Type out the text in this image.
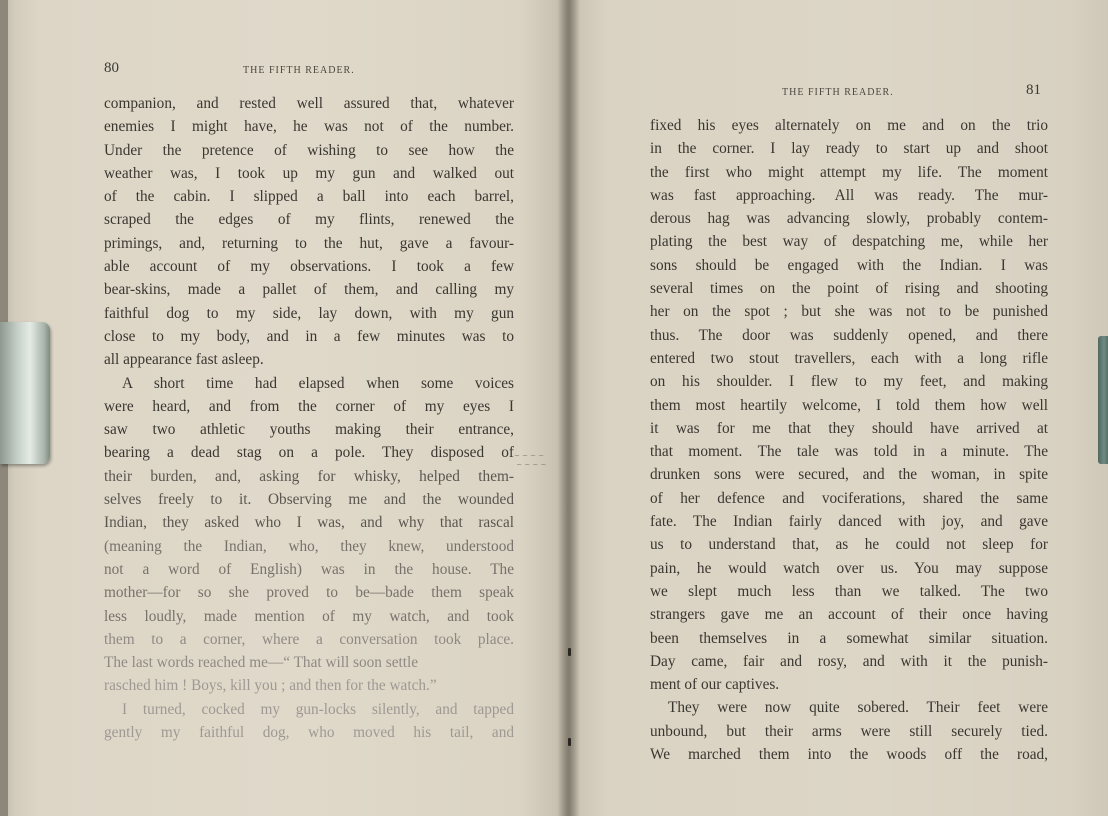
80	THE FIFTH READER.
companion, and rested well assured that, whatever
enemies I might have, he was not of the number.
Under the pretence of wishing to see how the
weather was, I took up my gun and walked out
of the cabin. I slipped a ball into each barrel,
scraped the edges of my flints, renewed the
primings, and, returning to the hut, gave a favour-
able account of my observations. I took a few
bear-skins, made a pallet of them, and calling my
faithful dog to my side, lay down, with my gun
close to my body, and in a few minutes was to
all appearance fast asleep.
A short time had elapsed when some voices
were heard, and from the corner of my eyes I
saw two athletic youths making their entrance,
bearing a dead stag on a pole. They disposed of
their burden, and, asking for whisky, helped them-
selves freely to it. Observing me and the wounded
Indian, they asked who I was, and why that rascal
(meaning the Indian, who, they knew, understood
not a word of English) was in the house. The
mother—for so she proved to be—bade them speak
less loudly, made mention of my watch, and took
them to a corner, where a conversation took place.
The last words reached me—“ That will soon settle
rasched him ! Boys, kill you ; and then for the watch.”
I turned, cocked my gun-locks silently, and tapped
gently my faithful dog, who moved his tail, and
~ ~ ~ ~
~ ~ ~ ~
THE FIFTH READER.	81
fixed his eyes alternately on me and on the trio
in the corner. I lay ready to start up and shoot
the first who might attempt my life. The moment
was fast approaching. All was ready. The mur-
derous hag was advancing slowly, probably contem-
plating the best way of despatching me, while her
sons should be engaged with the Indian. I was
several times on the point of rising and shooting
her on the spot ; but she was not to be punished
thus. The door was suddenly opened, and there
entered two stout travellers, each with a long rifle
on his shoulder. I flew to my feet, and making
them most heartily welcome, I told them how well
it was for me that they should have arrived at
that moment. The tale was told in a minute. The
drunken sons were secured, and the woman, in spite
of her defence and vociferations, shared the same
fate. The Indian fairly danced with joy, and gave
us to understand that, as he could not sleep for
pain, he would watch over us. You may suppose
we slept much less than we talked. The two
strangers gave me an account of their once having
been themselves in a somewhat similar situation.
Day came, fair and rosy, and with it the punish-
ment of our captives.
They were now quite sobered. Their feet were
unbound, but their arms were still securely tied.
We marched them into the woods off the road,
